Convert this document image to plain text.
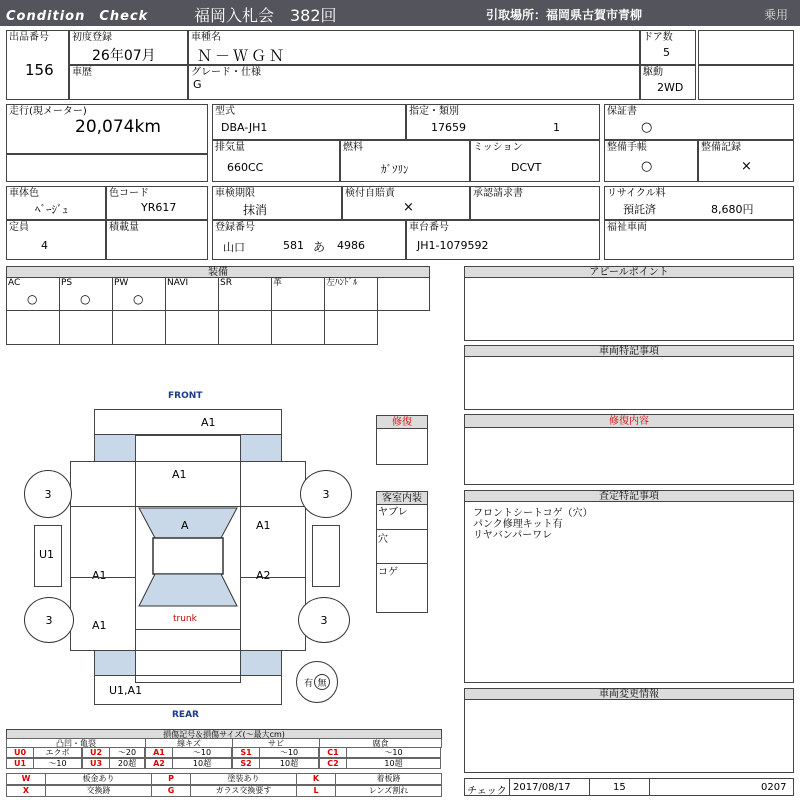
Condition　Check	福岡入札会　382回	引取場所：福岡県古賀市青柳	乗用
出品番号
156
初度登録
26年07月
車歴
車種名
Ｎ－ＷＧＮ
グレード・仕様
G
ドア数
5
駆動
2WD
走行(現メーター)
20,074km
型式
DBA-JH1
指定・類別
17659	1
排気量
660CC
燃料
ｶﾞｿﾘﾝ
ミッション
DCVT
保証書
○
整備手帳
○
整備記録
×
車体色
ﾍﾞｰｼﾞｭ
色コード
YR617
定員
4
積載量
車検期限
抹消
検付自賠責
×
承認請求書
登録番号
山口	581 あ 4986
車台番号
JH1-1079592
リサイクル料
預託済	8,680円
福祉車両
装備
AC
○
PS
○
PW
○
NAVI	SR	革	左ﾊﾝﾄﾞﾙ
FRONT
REAR
A1
A1
A
trunk
A1
A1
A1
A2
U1,A1
3	3
3	3
U1
有 無
修復
客室内装
ヤブレ
穴
コゲ
アピールポイント
車両特記事項
修復内容
査定特記事項
フロントシートコゲ（穴）
パンク修理キット有
リヤバンパーワレ
車両変更情報
チェック 2017/08/17	15	0207
損傷記号＆損傷サイズ(～最大cm)
凸凹・亀裂	線キズ	サビ	腐食
U0	エクボ	U2	～20	A1	～10	S1	～10	C1	～10
U1	～10	U3	20超	A2	10超	S2	10超	C2	10超
W	板金あり	P	塗装あり	K	着板跡
X	交換跡	G	ガラス交換要す	L	レンズ割れ
